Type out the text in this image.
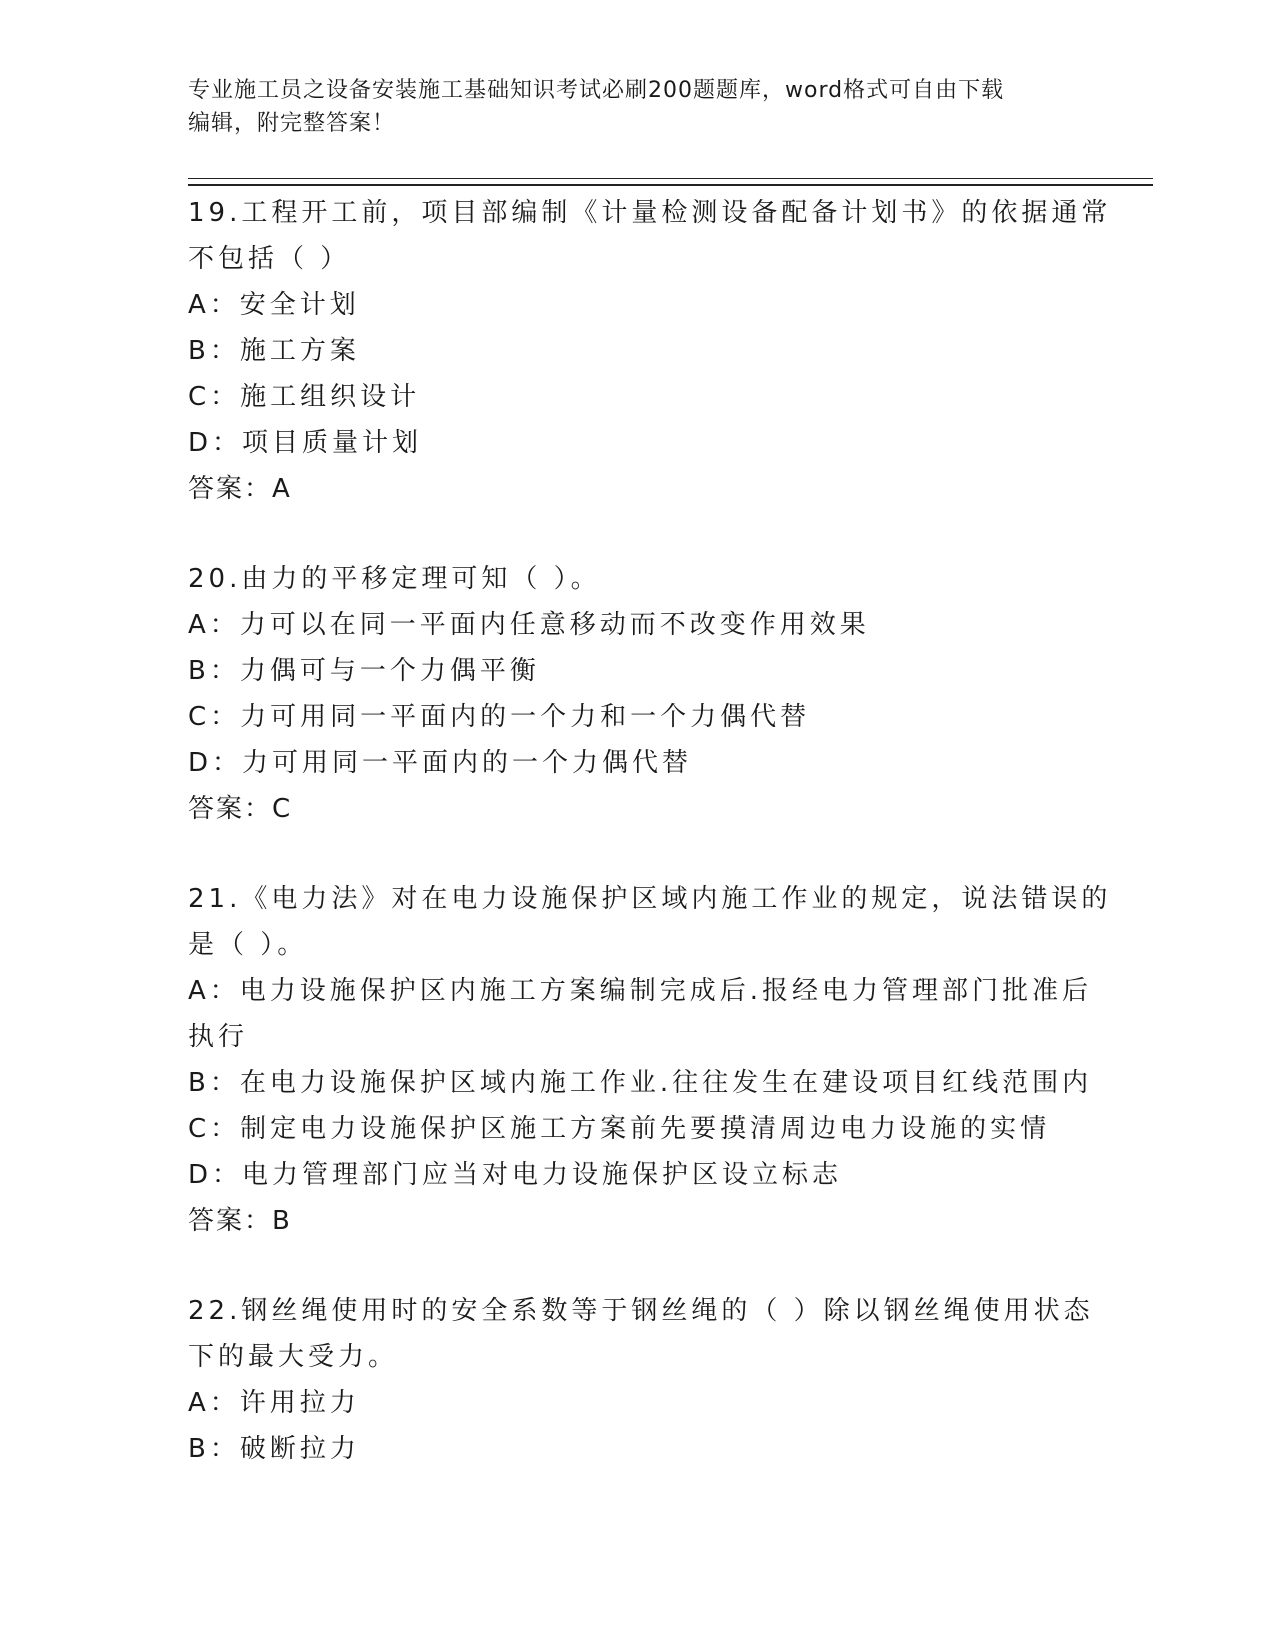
专业施工员之设备安装施工基础知识考试必刷200题题库，word格式可自由下载
编辑，附完整答案！
19.工程开工前，项目部编制《计量检测设备配备计划书》的依据通常
不包括（ ）
A：安全计划
B：施工方案
C：施工组织设计
D：项目质量计划
答案：A
20.由力的平移定理可知（ ）。
A：力可以在同一平面内任意移动而不改变作用效果
B：力偶可与一个力偶平衡
C：力可用同一平面内的一个力和一个力偶代替
D：力可用同一平面内的一个力偶代替
答案：C
21.《电力法》对在电力设施保护区域内施工作业的规定，说法错误的
是（ ）。
A：电力设施保护区内施工方案编制完成后.报经电力管理部门批准后
执行
B：在电力设施保护区域内施工作业.往往发生在建设项目红线范围内
C：制定电力设施保护区施工方案前先要摸清周边电力设施的实情
D：电力管理部门应当对电力设施保护区设立标志
答案：B
22.钢丝绳使用时的安全系数等于钢丝绳的（ ）除以钢丝绳使用状态
下的最大受力。
A：许用拉力
B：破断拉力
